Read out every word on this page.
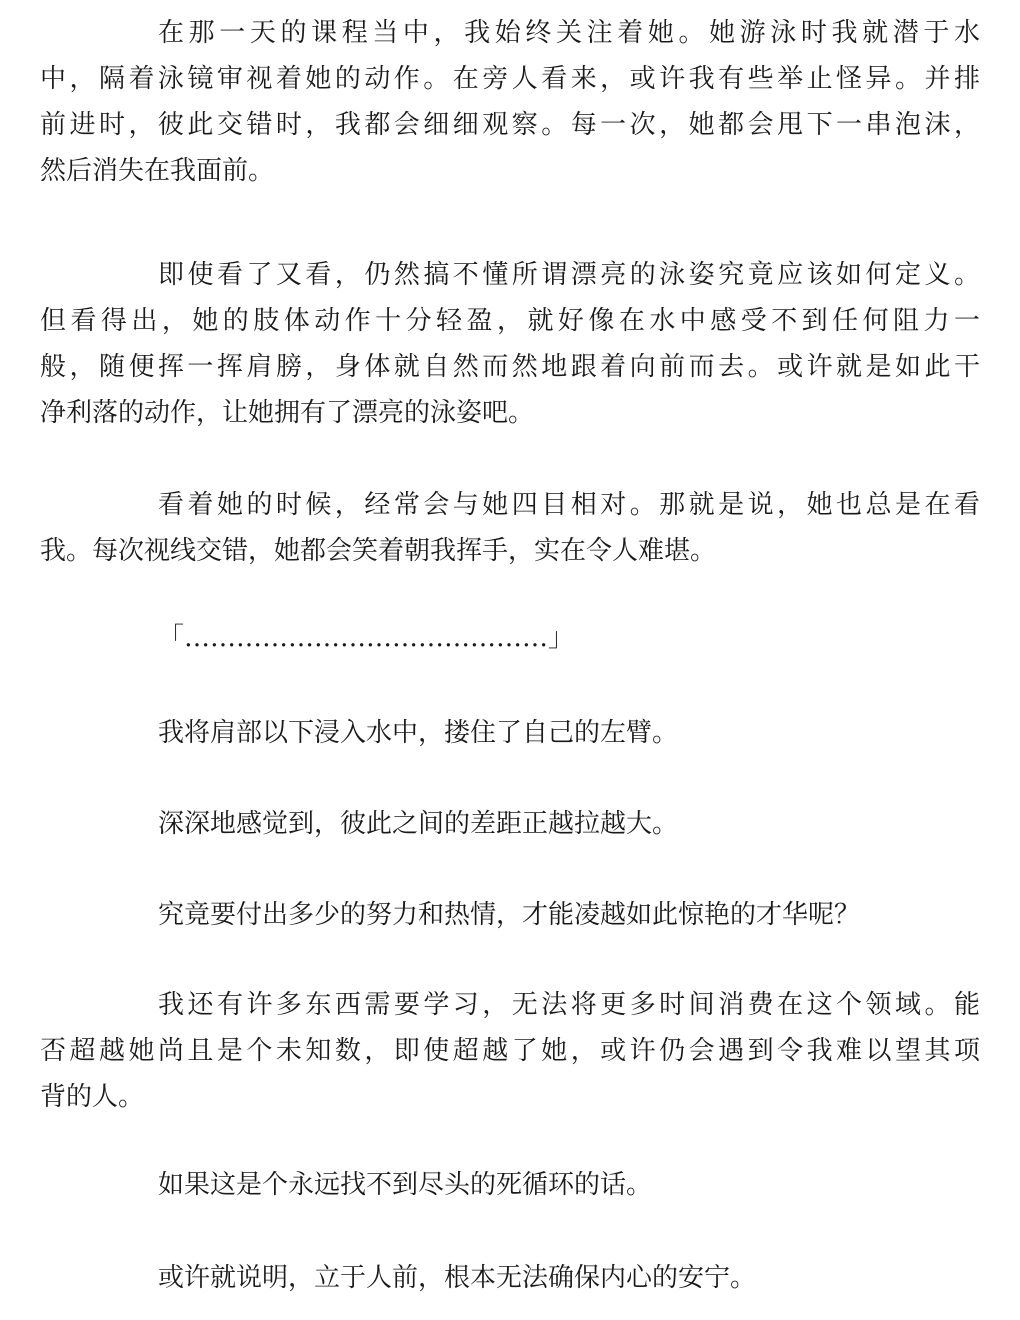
在那一天的课程当中，我始终关注着她。她游泳时我就潜于水
中，隔着泳镜审视着她的动作。在旁人看来，或许我有些举止怪异。并排
前进时，彼此交错时，我都会细细观察。每一次，她都会甩下一串泡沫，
然后消失在我面前。
即使看了又看，仍然搞不懂所谓漂亮的泳姿究竟应该如何定义。
但看得出，她的肢体动作十分轻盈，就好像在水中感受不到任何阻力一
般，随便挥一挥肩膀，身体就自然而然地跟着向前而去。或许就是如此干
净利落的动作，让她拥有了漂亮的泳姿吧。
看着她的时候，经常会与她四目相对。那就是说，她也总是在看
我。每次视线交错，她都会笑着朝我挥手，实在令人难堪。
「……………………………………」
我将肩部以下浸入水中，搂住了自己的左臂。
深深地感觉到，彼此之间的差距正越拉越大。
究竟要付出多少的努力和热情，才能凌越如此惊艳的才华呢？
我还有许多东西需要学习，无法将更多时间消费在这个领域。能
否超越她尚且是个未知数，即使超越了她，或许仍会遇到令我难以望其项
背的人。
如果这是个永远找不到尽头的死循环的话。
或许就说明，立于人前，根本无法确保内心的安宁。
